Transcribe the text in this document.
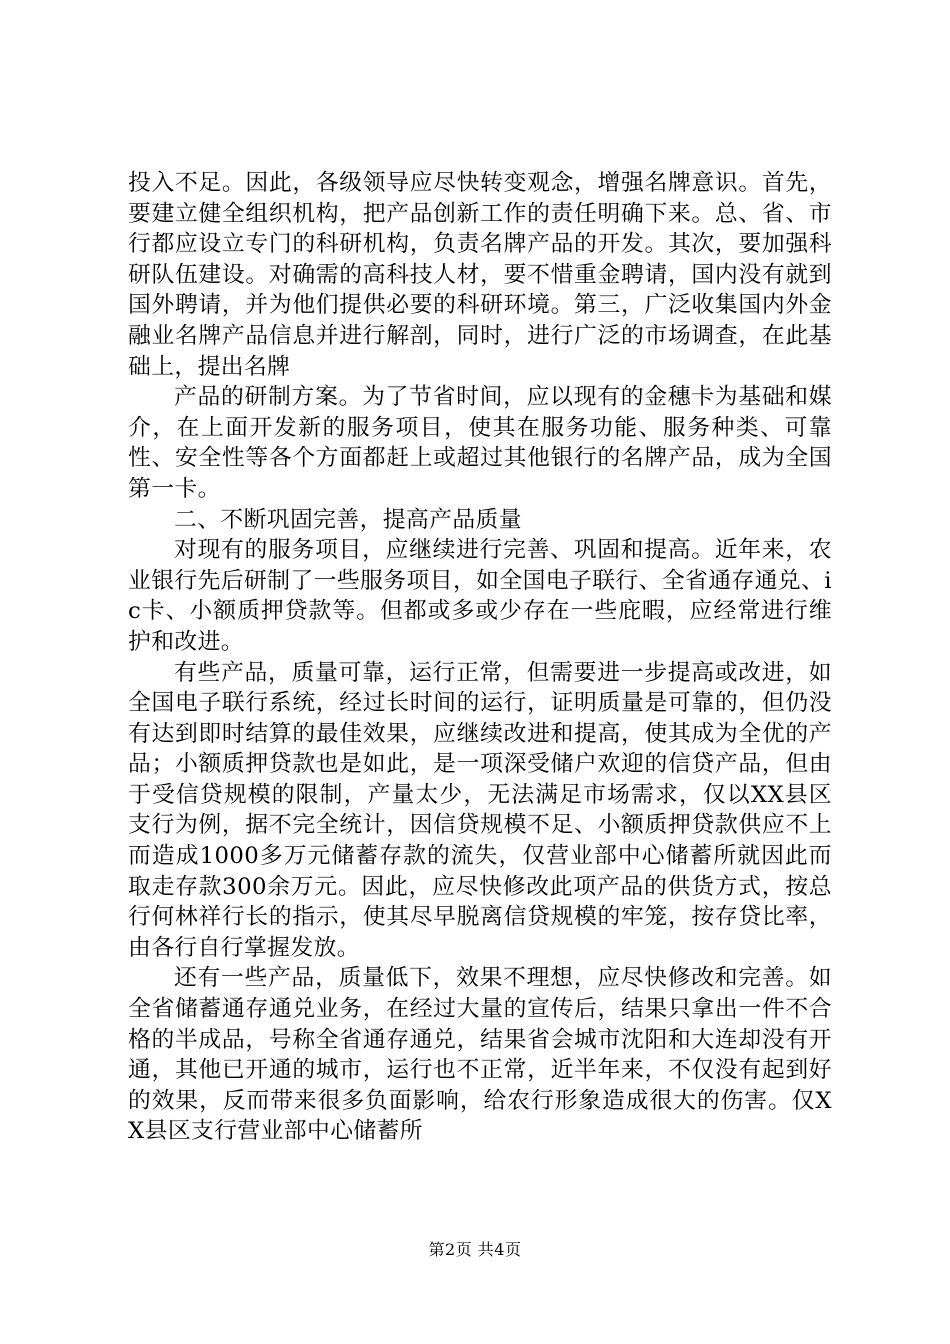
投入不足。因此，各级领导应尽快转变观念，增强名牌意识。首先，要建立健全组织机构，把产品创新工作的责任明确下来。总、省、市行都应设立专门的科研机构，负责名牌产品的开发。其次，要加强科研队伍建设。对确需的高科技人材，要不惜重金聘请，国内没有就到国外聘请，并为他们提供必要的科研环境。第三，广泛收集国内外金融业名牌产品信息并进行解剖，同时，进行广泛的市场调查，在此基础上，提出名牌

产品的研制方案。为了节省时间，应以现有的金穗卡为基础和媒介，在上面开发新的服务项目，使其在服务功能、服务种类、可靠性、安全性等各个方面都赶上或超过其他银行的名牌产品，成为全国第一卡。

二、不断巩固完善，提高产品质量

对现有的服务项目，应继续进行完善、巩固和提高。近年来，农业银行先后研制了一些服务项目，如全国电子联行、全省通存通兑、ic卡、小额质押贷款等。但都或多或少存在一些庇暇，应经常进行维护和改进。

有些产品，质量可靠，运行正常，但需要进一步提高或改进，如全国电子联行系统，经过长时间的运行，证明质量是可靠的，但仍没有达到即时结算的最佳效果，应继续改进和提高，使其成为全优的产品；小额质押贷款也是如此，是一项深受储户欢迎的信贷产品，但由于受信贷规模的限制，产量太少，无法满足市场需求，仅以XX县区支行为例，据不完全统计，因信贷规模不足、小额质押贷款供应不上而造成1000多万元储蓄存款的流失，仅营业部中心储蓄所就因此而取走存款300余万元。因此，应尽快修改此项产品的供货方式，按总行何林祥行长的指示，使其尽早脱离信贷规模的牢笼，按存贷比率，由各行自行掌握发放。

还有一些产品，质量低下，效果不理想，应尽快修改和完善。如全省储蓄通存通兑业务，在经过大量的宣传后，结果只拿出一件不合格的半成品，号称全省通存通兑，结果省会城市沈阳和大连却没有开通，其他已开通的城市，运行也不正常，近半年来，不仅没有起到好的效果，反而带来很多负面影响，给农行形象造成很大的伤害。仅XX县区支行营业部中心储蓄所

第2页 共4页
